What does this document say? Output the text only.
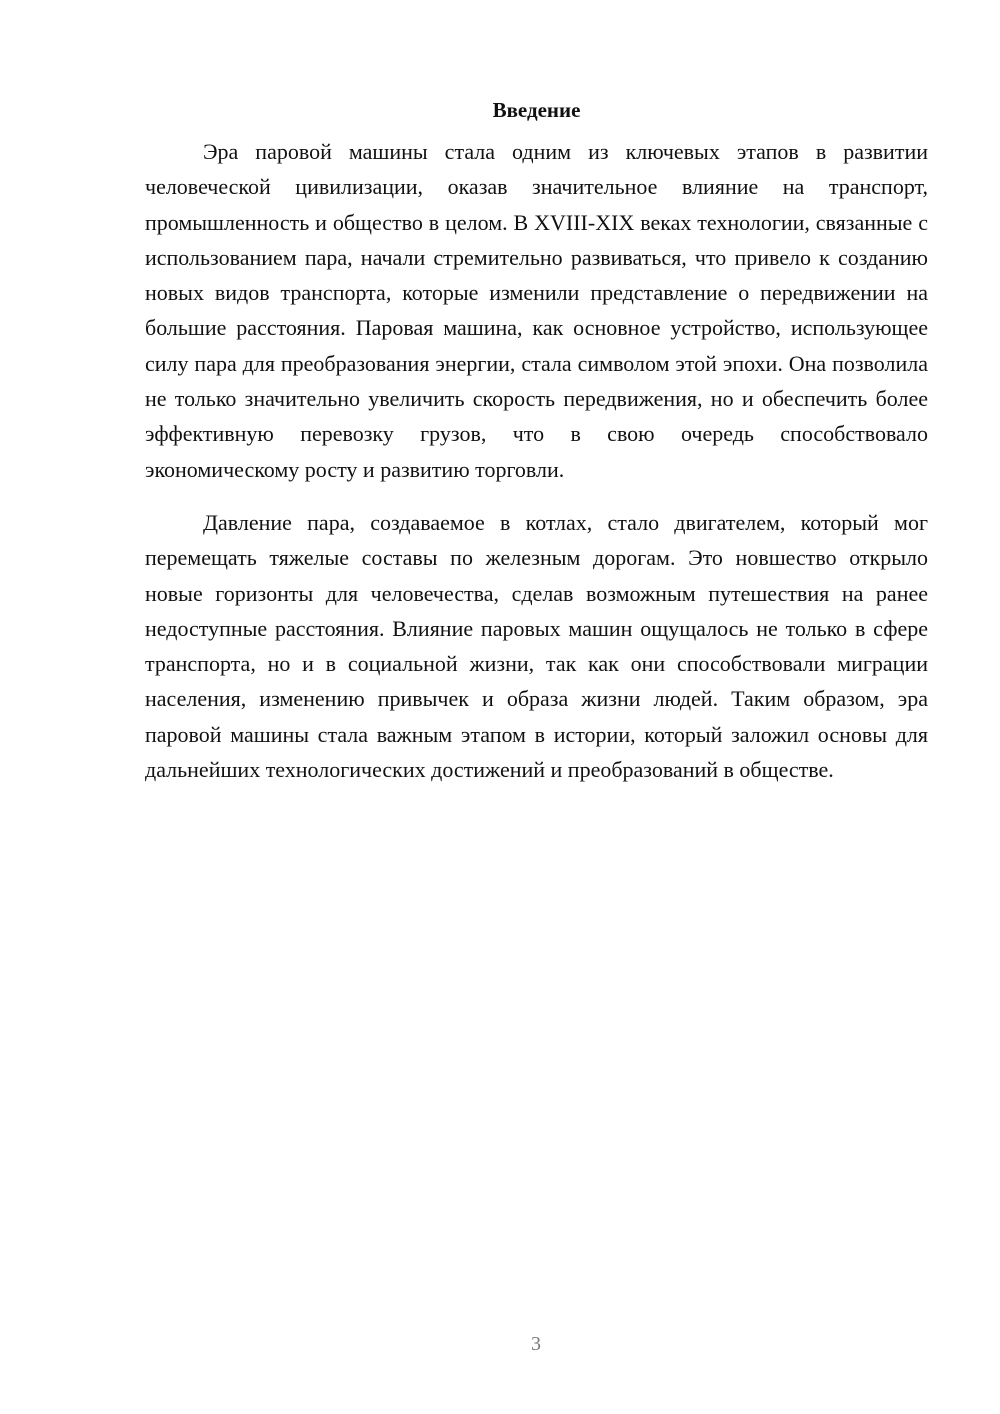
Введение

Эра паровой машины стала одним из ключевых этапов в развитии человеческой цивилизации, оказав значительное влияние на транспорт, промышленность и общество в целом. В XVIII-XIX веках технологии, связанные с использованием пара, начали стремительно развиваться, что привело к созданию новых видов транспорта, которые изменили представление о передвижении на большие расстояния. Паровая машина, как основное устройство, использующее силу пара для преобразования энергии, стала символом этой эпохи. Она позволила не только значительно увеличить скорость передвижения, но и обеспечить более эффективную перевозку грузов, что в свою очередь способствовало экономическому росту и развитию торговли.

Давление пара, создаваемое в котлах, стало двигателем, который мог перемещать тяжелые составы по железным дорогам. Это новшество открыло новые горизонты для человечества, сделав возможным путешествия на ранее недоступные расстояния. Влияние паровых машин ощущалось не только в сфере транспорта, но и в социальной жизни, так как они способствовали миграции населения, изменению привычек и образа жизни людей. Таким образом, эра паровой машины стала важным этапом в истории, который заложил основы для дальнейших технологических достижений и преобразований в обществе.

3
